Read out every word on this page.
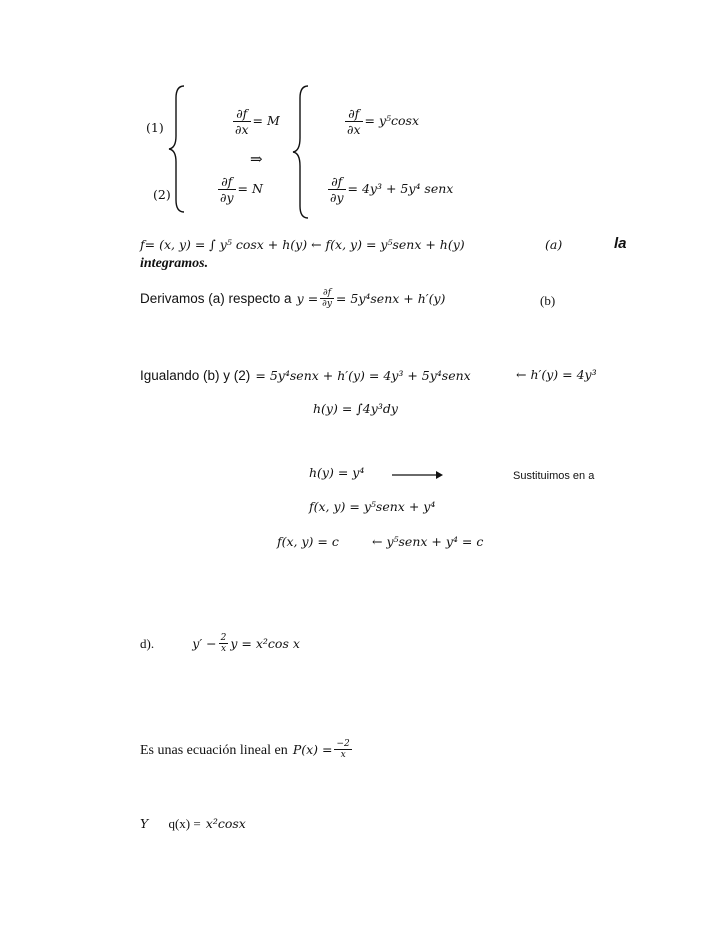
(1)
(2)
$\frac{\partial f}{\partial x} = M$
⇒
$\frac{\partial f}{\partial y} = N$
$\frac{\partial f}{\partial x} = y^5\cos x$
$\frac{\partial f}{\partial y} = 4y^3 + 5y^4$ senx
f= (x, y) = ∫ y⁵ cosx + h(y) ← f(x, y) = y⁵senx + h(y)	(a)	la
integramos.
Derivamos (a) respecto a $y = \frac{\partial f}{\partial y}$ = 5y⁴senx + h′(y)	(b)
Igualando (b) y (2) = 5y⁴senx + h′(y) = 4y³ + 5y⁴senx	← h′(y) = 4y³
h(y) = ∫4y³dy
h(y) = y⁴	Sustituimos en a
f(x, y) = y⁵senx + y⁴
f(x, y) = c	← y⁵senx + y⁴ = c
d).	$y' - \frac{2}{x}$ y = x²cos x
Es unas ecuación lineal en $P(x) = \frac{-2}{x}$
Y q(x) = x²cosx
